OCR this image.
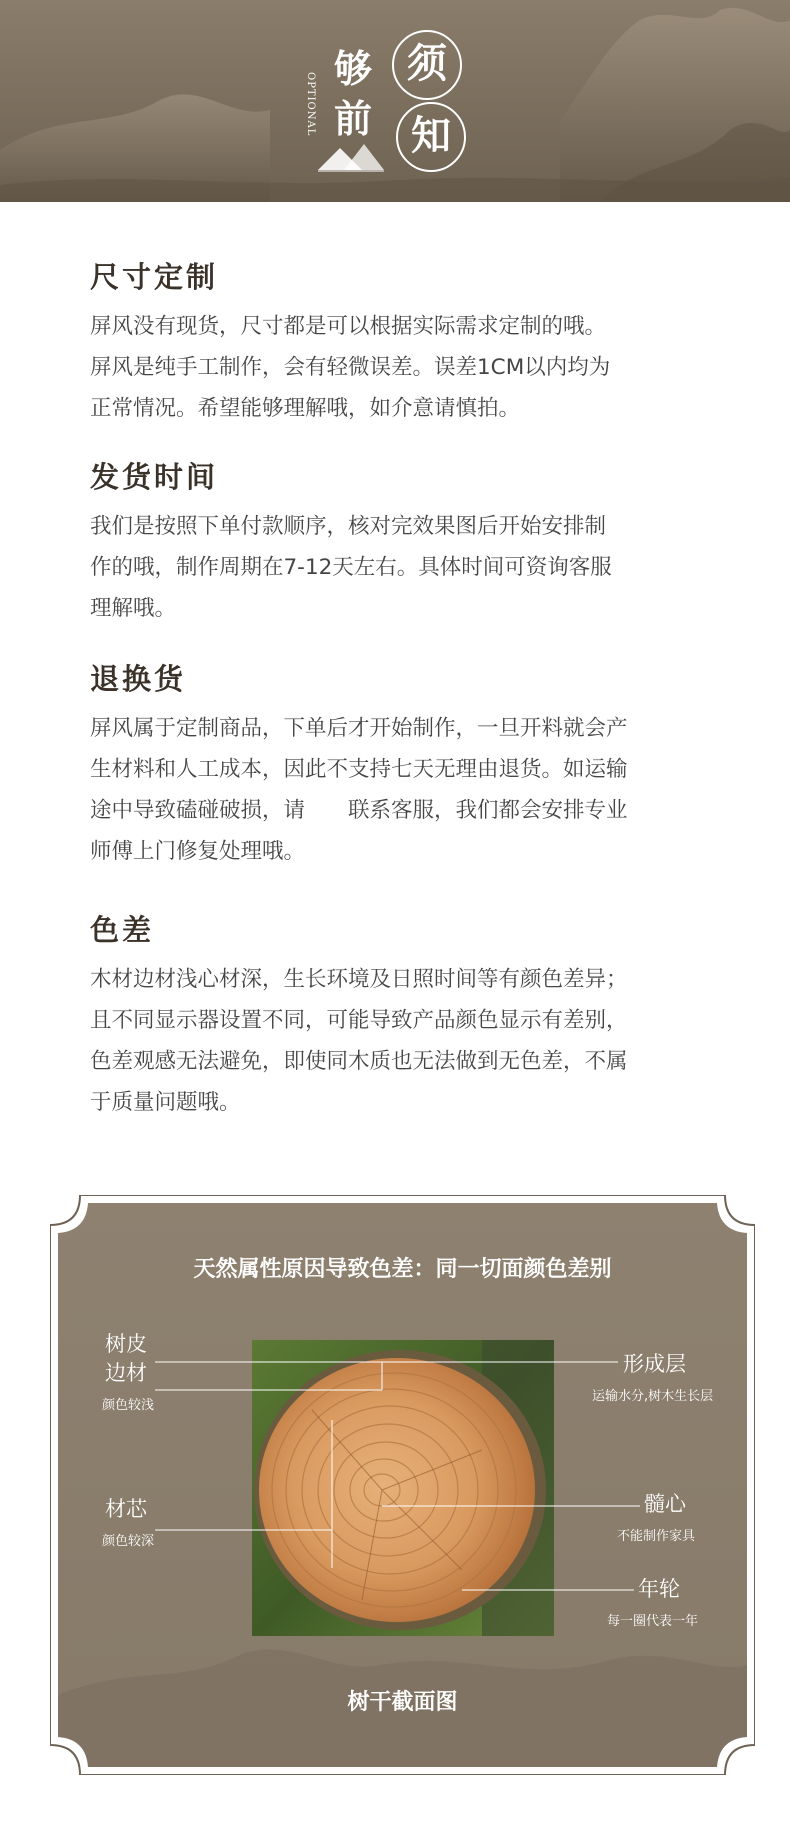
OPTIONAL
够
前
须
知
尺寸定制

屏风没有现货，尺寸都是可以根据实际需求定制的哦。
屏风是纯手工制作，会有轻微误差。误差1CM以内均为
正常情况。希望能够理解哦，如介意请慎拍。

发货时间

我们是按照下单付款顺序，核对完效果图后开始安排制
作的哦，制作周期在7-12天左右。具体时间可资询客服
理解哦。

退换货

屏风属于定制商品，下单后才开始制作，一旦开料就会产
生材料和人工成本，因此不支持七天无理由退货。如运输
途中导致磕碰破损，请　　联系客服，我们都会安排专业
师傅上门修复处理哦。

色差

木材边材浅心材深，生长环境及日照时间等有颜色差异；
且不同显示器设置不同，可能导致产品颜色显示有差别，
色差观感无法避免，即使同木质也无法做到无色差，不属
于质量问题哦。

天然属性原因导致色差：同一切面颜色差别
树皮
边材
颜色较浅
材芯
颜色较深
形成层
运输水分,树木生长层
髓心
不能制作家具
年轮
每一圈代表一年
树干截面图
